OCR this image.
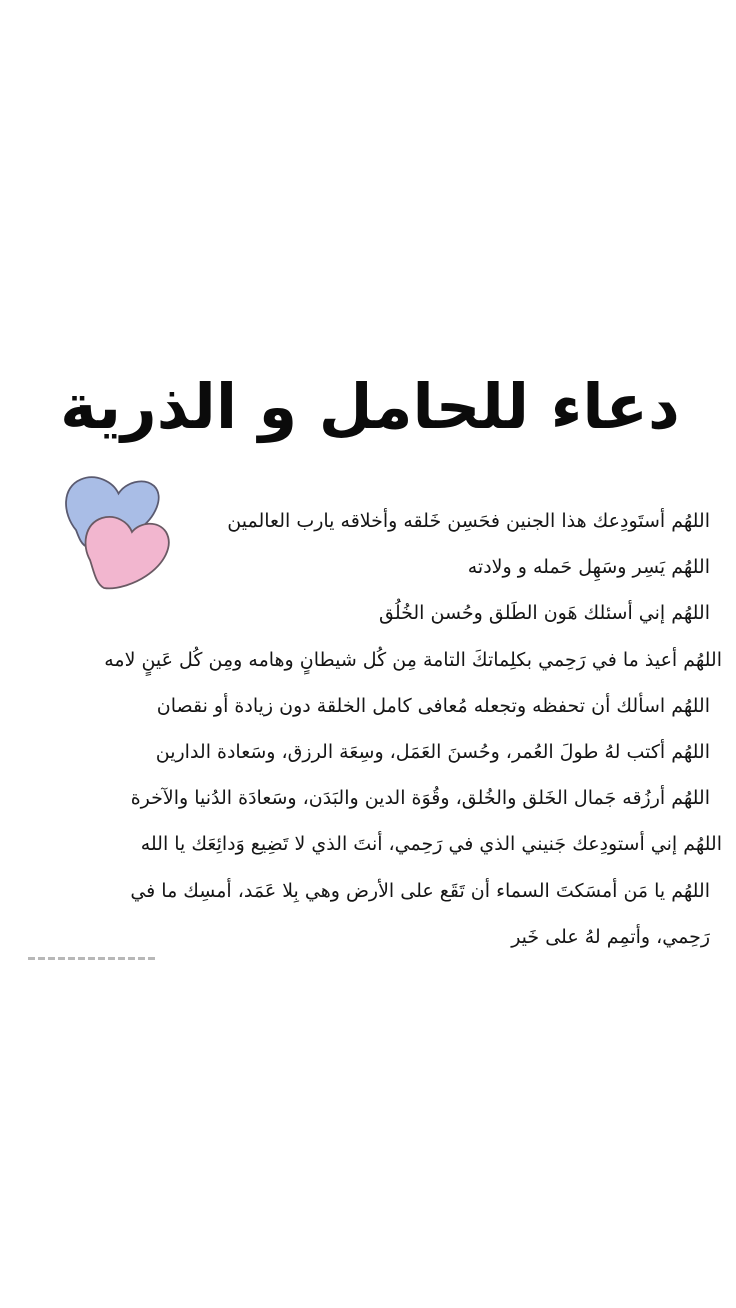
دعاء للحامل و الذرية
اللهُم أستَودِعك هذا الجنين فحَسِن خَلقه وأخلاقه يارب العالمين
اللهُم يَسِر وسَهِل حَمله و ولادته
اللهُم إني أسئلك هَون الطَلق وحُسن الخُلُق
اللهُم أعيذ ما في رَحِمي بكلِماتكَ التامة مِن كُل شيطانٍ وهامه ومِن كُل عَينٍ لامه
اللهُم اسألك أن تحفظه وتجعله مُعافى كامل الخلقة دون زيادة أو نقصان
اللهُم أكتب لهُ طولَ العُمر، وحُسنَ العَمَل، وسِعَة الرزق، وسَعادة الدارين
اللهُم أرزُقه جَمال الخَلق والخُلق، وقُوَة الدين والبَدَن، وسَعادَة الدُنيا والآخرة
اللهُم إني أستودِعك جَنيني الذي في رَحِمي، أنتَ الذي لا تَضِيع وَدائِعَك يا الله
اللهُم يا مَن أمسَكتَ السماء أن تَقَع على الأرض وهي بِلا عَمَد، أمسِك ما في
رَحِمي، وأتمِم لهُ على خَير
